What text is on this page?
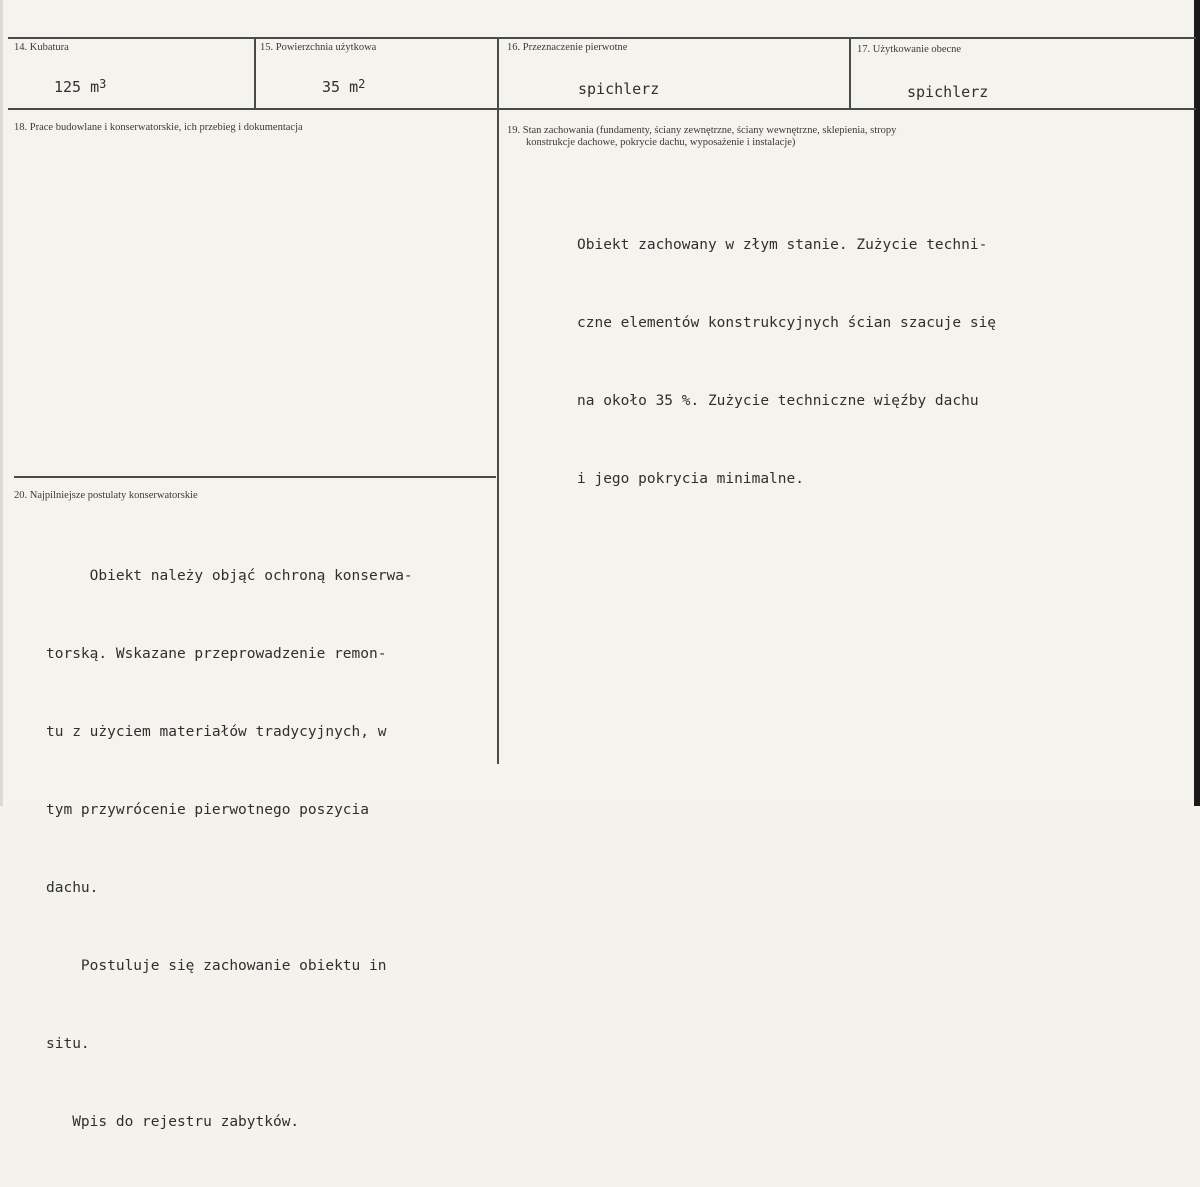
14. Kubatura
125 $m^3$
15. Powierzchnia użytkowa
35 $m^2$
16. Przeznaczenie pierwotne
spichlerz
17. Użytkowanie obecne
spichlerz
18. Prace budowlane i konserwatorskie, ich przebieg i dokumentacja	19. Stan zachowania (fundamenty, ściany zewnętrzne, ściany wewnętrzne, sklepienia, stropy
konstrukcje dachowe, pokrycie dachu, wyposażenie i instalacje)

Obiekt zachowany w złym stanie. Zużycie techni-

czne elementów konstrukcyjnych ścian szacuje się

na około 35 %. Zużycie techniczne więźby dachu

i jego pokrycia minimalne.

20. Najpilniejsze postulaty konserwatorskie

Obiekt należy objąć ochroną konserwa-

torską. Wskazane przeprowadzenie remon-

tu z użyciem materiałów tradycyjnych, w

tym przywrócenie pierwotnego poszycia

dachu.

Postuluje się zachowanie obiektu in

situ.

Wpis do rejestru zabytków.
